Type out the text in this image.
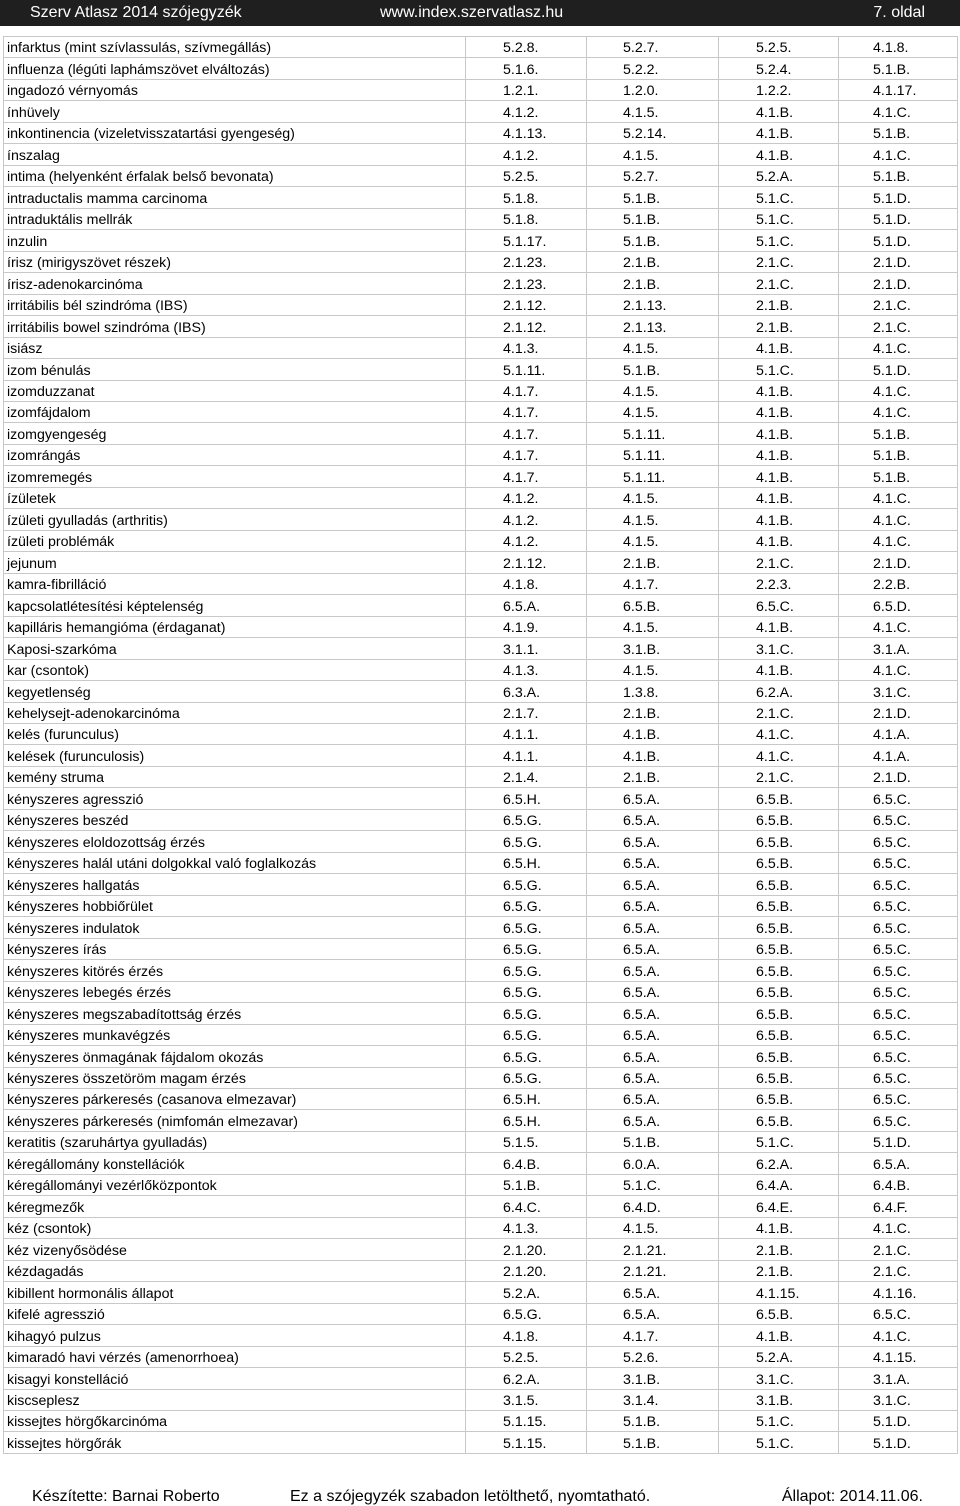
Szerv Atlasz 2014 szójegyzék	www.index.szervatlasz.hu	7. oldal
infarktus (mint szívlassulás, szívmegállás)	5.2.8.	5.2.7.	5.2.5.	4.1.8.
influenza (légúti laphámszövet elváltozás)	5.1.6.	5.2.2.	5.2.4.	5.1.B.
ingadozó vérnyomás	1.2.1.	1.2.0.	1.2.2.	4.1.17.
ínhüvely	4.1.2.	4.1.5.	4.1.B.	4.1.C.
inkontinencia (vizeletvisszatartási gyengeség)	4.1.13.	5.2.14.	4.1.B.	5.1.B.
ínszalag	4.1.2.	4.1.5.	4.1.B.	4.1.C.
intima (helyenként érfalak belső bevonata)	5.2.5.	5.2.7.	5.2.A.	5.1.B.
intraductalis mamma carcinoma	5.1.8.	5.1.B.	5.1.C.	5.1.D.
intraduktális mellrák	5.1.8.	5.1.B.	5.1.C.	5.1.D.
inzulin	5.1.17.	5.1.B.	5.1.C.	5.1.D.
írisz (mirigyszövet részek)	2.1.23.	2.1.B.	2.1.C.	2.1.D.
írisz-adenokarcinóma	2.1.23.	2.1.B.	2.1.C.	2.1.D.
irritábilis bél szindróma (IBS)	2.1.12.	2.1.13.	2.1.B.	2.1.C.
irritábilis bowel szindróma (IBS)	2.1.12.	2.1.13.	2.1.B.	2.1.C.
isiász	4.1.3.	4.1.5.	4.1.B.	4.1.C.
izom bénulás	5.1.11.	5.1.B.	5.1.C.	5.1.D.
izomduzzanat	4.1.7.	4.1.5.	4.1.B.	4.1.C.
izomfájdalom	4.1.7.	4.1.5.	4.1.B.	4.1.C.
izomgyengeség	4.1.7.	5.1.11.	4.1.B.	5.1.B.
izomrángás	4.1.7.	5.1.11.	4.1.B.	5.1.B.
izomremegés	4.1.7.	5.1.11.	4.1.B.	5.1.B.
ízületek	4.1.2.	4.1.5.	4.1.B.	4.1.C.
ízületi gyulladás (arthritis)	4.1.2.	4.1.5.	4.1.B.	4.1.C.
ízületi problémák	4.1.2.	4.1.5.	4.1.B.	4.1.C.
jejunum	2.1.12.	2.1.B.	2.1.C.	2.1.D.
kamra-fibrilláció	4.1.8.	4.1.7.	2.2.3.	2.2.B.
kapcsolatlétesítési képtelenség	6.5.A.	6.5.B.	6.5.C.	6.5.D.
kapilláris hemangióma (érdaganat)	4.1.9.	4.1.5.	4.1.B.	4.1.C.
Kaposi-szarkóma	3.1.1.	3.1.B.	3.1.C.	3.1.A.
kar (csontok)	4.1.3.	4.1.5.	4.1.B.	4.1.C.
kegyetlenség	6.3.A.	1.3.8.	6.2.A.	3.1.C.
kehelysejt-adenokarcinóma	2.1.7.	2.1.B.	2.1.C.	2.1.D.
kelés (furunculus)	4.1.1.	4.1.B.	4.1.C.	4.1.A.
kelések (furunculosis)	4.1.1.	4.1.B.	4.1.C.	4.1.A.
kemény struma	2.1.4.	2.1.B.	2.1.C.	2.1.D.
kényszeres agresszió	6.5.H.	6.5.A.	6.5.B.	6.5.C.
kényszeres beszéd	6.5.G.	6.5.A.	6.5.B.	6.5.C.
kényszeres eloldozottság érzés	6.5.G.	6.5.A.	6.5.B.	6.5.C.
kényszeres halál utáni dolgokkal való foglalkozás	6.5.H.	6.5.A.	6.5.B.	6.5.C.
kényszeres hallgatás	6.5.G.	6.5.A.	6.5.B.	6.5.C.
kényszeres hobbiőrület	6.5.G.	6.5.A.	6.5.B.	6.5.C.
kényszeres indulatok	6.5.G.	6.5.A.	6.5.B.	6.5.C.
kényszeres írás	6.5.G.	6.5.A.	6.5.B.	6.5.C.
kényszeres kitörés érzés	6.5.G.	6.5.A.	6.5.B.	6.5.C.
kényszeres lebegés érzés	6.5.G.	6.5.A.	6.5.B.	6.5.C.
kényszeres megszabadítottság érzés	6.5.G.	6.5.A.	6.5.B.	6.5.C.
kényszeres munkavégzés	6.5.G.	6.5.A.	6.5.B.	6.5.C.
kényszeres önmagának fájdalom okozás	6.5.G.	6.5.A.	6.5.B.	6.5.C.
kényszeres összetöröm magam érzés	6.5.G.	6.5.A.	6.5.B.	6.5.C.
kényszeres párkeresés (casanova elmezavar)	6.5.H.	6.5.A.	6.5.B.	6.5.C.
kényszeres párkeresés (nimfomán elmezavar)	6.5.H.	6.5.A.	6.5.B.	6.5.C.
keratitis (szaruhártya gyulladás)	5.1.5.	5.1.B.	5.1.C.	5.1.D.
kéregállomány konstellációk	6.4.B.	6.0.A.	6.2.A.	6.5.A.
kéregállományi vezérlőközpontok	5.1.B.	5.1.C.	6.4.A.	6.4.B.
kéregmezők	6.4.C.	6.4.D.	6.4.E.	6.4.F.
kéz (csontok)	4.1.3.	4.1.5.	4.1.B.	4.1.C.
kéz vizenyősödése	2.1.20.	2.1.21.	2.1.B.	2.1.C.
kézdagadás	2.1.20.	2.1.21.	2.1.B.	2.1.C.
kibillent hormonális állapot	5.2.A.	6.5.A.	4.1.15.	4.1.16.
kifelé agresszió	6.5.G.	6.5.A.	6.5.B.	6.5.C.
kihagyó pulzus	4.1.8.	4.1.7.	4.1.B.	4.1.C.
kimaradó havi vérzés (amenorrhoea)	5.2.5.	5.2.6.	5.2.A.	4.1.15.
kisagyi konstelláció	6.2.A.	3.1.B.	3.1.C.	3.1.A.
kiscseplesz	3.1.5.	3.1.4.	3.1.B.	3.1.C.
kissejtes hörgőkarcinóma	5.1.15.	5.1.B.	5.1.C.	5.1.D.
kissejtes hörgőrák	5.1.15.	5.1.B.	5.1.C.	5.1.D.
Készítette: Barnai Roberto	Ez a szójegyzék szabadon letölthető, nyomtatható.	Állapot: 2014.11.06.
